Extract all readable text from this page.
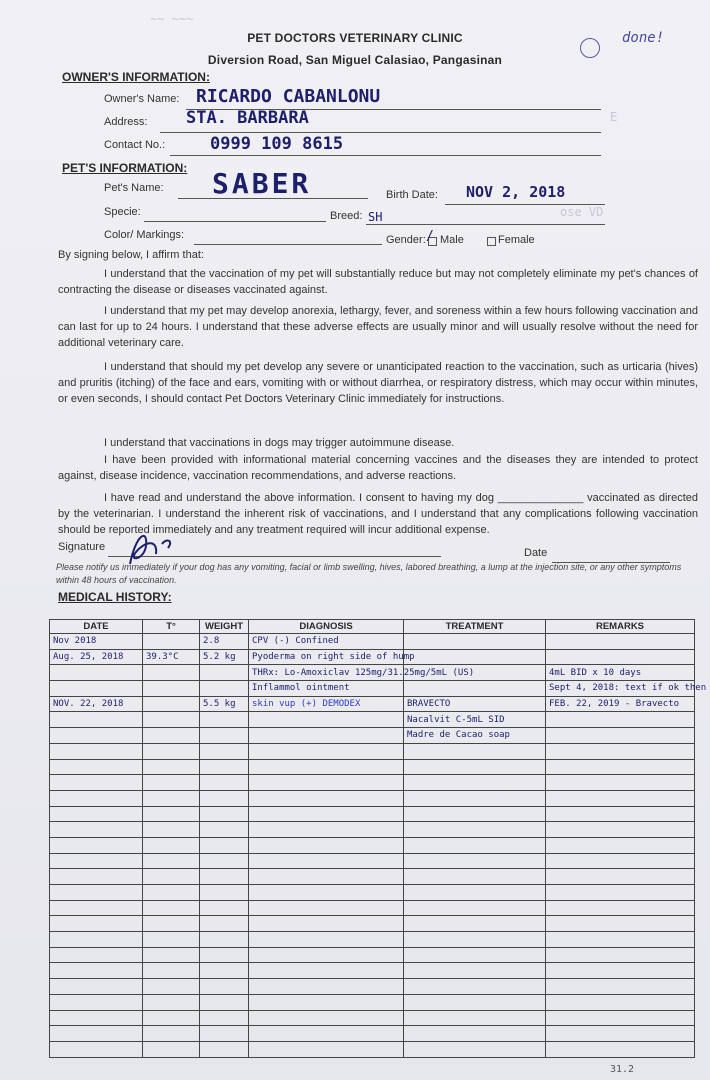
~~ ~~~
E
ose VD
PET DOCTORS VETERINARY CLINIC
Diversion Road, San Miguel Calasiao, Pangasinan
done!
OWNER'S INFORMATION:
Owner's Name: RICARDO CABANLONU
Address: STA. BARBARA
Contact No.:	0999 109 8615
PET'S INFORMATION:
Pet's Name: SABER	Birth Date: NOV 2, 2018
Specie:	Breed: SH
Color/ Markings:	Gender: / Male	Female
By signing below, I affirm that:
I understand that the vaccination of my pet will substantially reduce but may not completely eliminate my pet's chances of contracting the disease or diseases vaccinated against.
I understand that my pet may develop anorexia, lethargy, fever, and soreness within a few hours following vaccination and can last for up to 24 hours. I understand that these adverse effects are usually minor and will usually resolve without the need for additional veterinary care.
I understand that should my pet develop any severe or unanticipated reaction to the vaccination, such as urticaria (hives) and pruritis (itching) of the face and ears, vomiting with or without diarrhea, or respiratory distress, which may occur within minutes, or even seconds, I should contact Pet Doctors Veterinary Clinic immediately for instructions.
I understand that vaccinations in dogs may trigger autoimmune disease.
I have been provided with informational material concerning vaccines and the diseases they are intended to protect against, disease incidence, vaccination recommendations, and adverse reactions.
I have read and understand the above information. I consent to having my dog ______________ vaccinated as directed by the veterinarian. I understand the inherent risk of vaccinations, and I understand that any complications following vaccination should be reported immediately and any treatment required will incur additional expense.
Signature	Date
Please notify us immediately if your dog has any vomiting, facial or limb swelling, hives, labored breathing, a lump at the injection site, or any other symptoms within 48 hours of vaccination.
MEDICAL HISTORY:
DATE	T°	WEIGHT	DIAGNOSIS	TREATMENT	REMARKS
Nov 2018		2.8	CPV (-) Confined		
Aug. 25, 2018	39.3°C	5.2 kg	Pyoderma on right side of hump		
			THRx: Lo-Amoxiclav 125mg/31.25mg/5mL (US)		4mL BID x 10 days
			Inflammol ointment		Sept 4, 2018: text if ok then
NOV. 22, 2018		5.5 kg	skin vup (+) DEMODEX	BRAVECTO	FEB. 22, 2019 - Bravecto
				Nacalvit C-5mL SID	
				Madre de Cacao soap	

31.2
